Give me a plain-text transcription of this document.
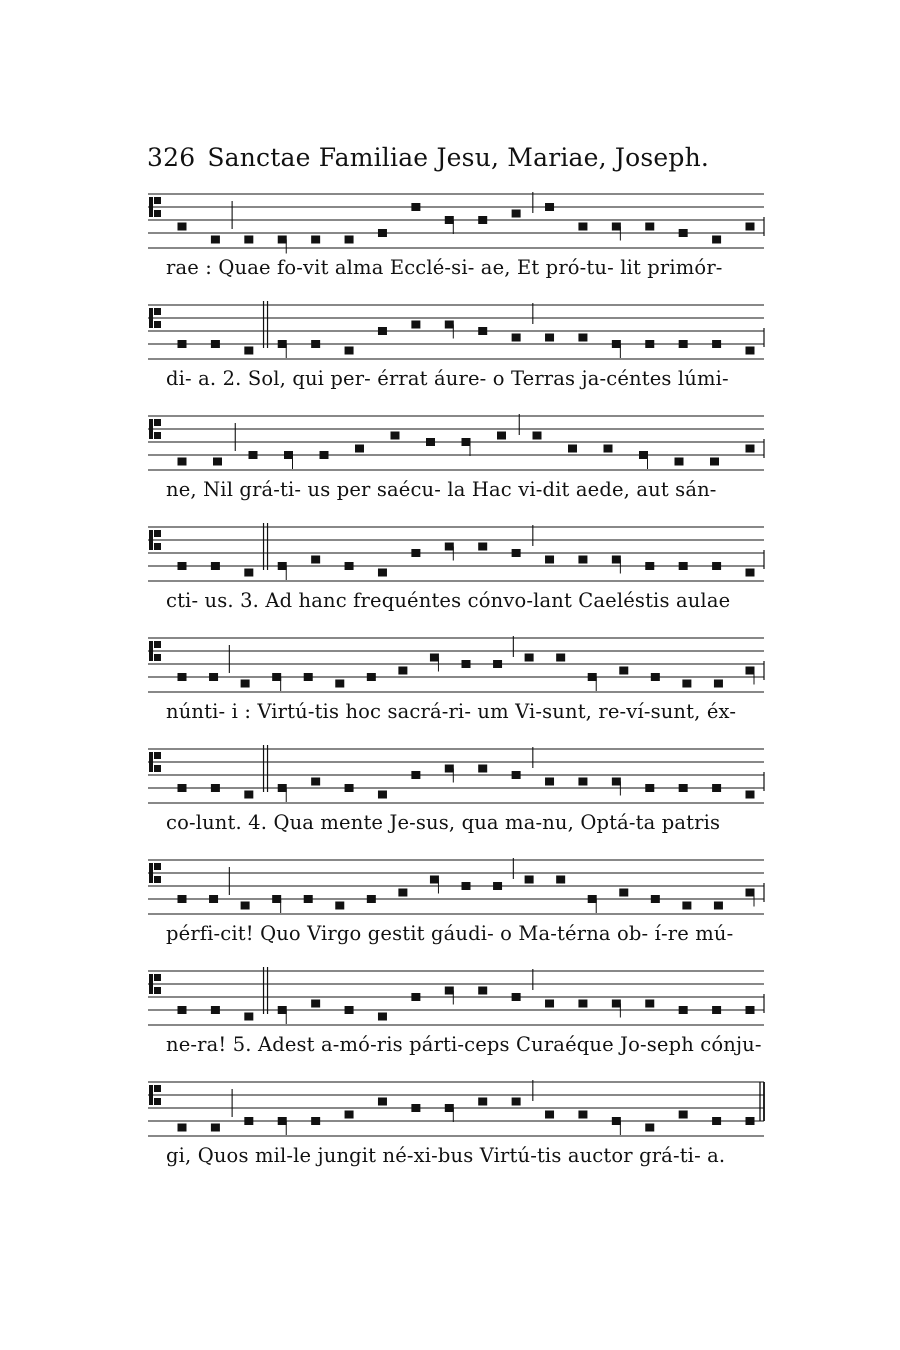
326 Sanctae Familiae Jesu, Mariae, Joseph.
rae : Quae fo-vit alma Ecclé-si- ae, Et pró-tu- lit primór-
di- a. 2. Sol, qui per- érrat áure- o Terras ja-céntes lúmi-
ne, Nil grá-ti- us per saécu- la Hac vi-dit aede, aut sán-
cti- us. 3. Ad hanc frequéntes cónvo-lant Caeléstis aulae
núnti- i : Virtú-tis hoc sacrá-ri- um Vi-sunt, re-ví-sunt, éx-
co-lunt. 4. Qua mente Je-sus, qua ma-nu, Optá-ta patris
pérfi-cit! Quo Virgo gestit gáudi- o Ma-térna ob- í-re mú-
ne-ra! 5. Adest a-mó-ris párti-ceps Curaéque Jo-seph cónju-
gi, Quos mil-le jungit né-xi-bus Virtú-tis auctor grá-ti- a.
